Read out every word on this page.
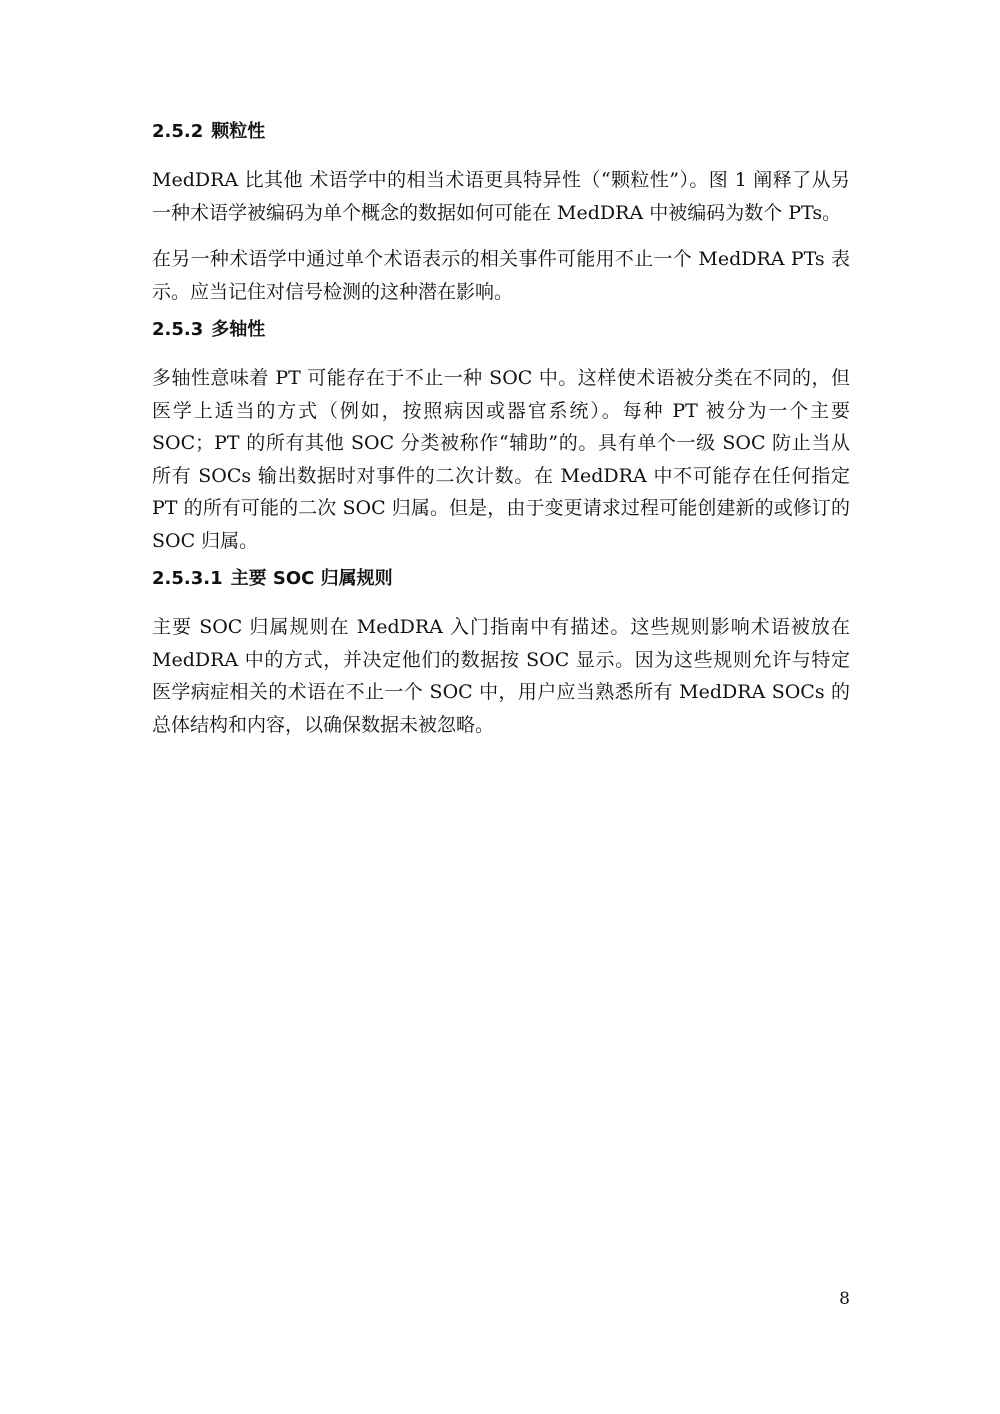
2.5.2 颗粒性

MedDRA 比其他 术语学中的相当术语更具特异性（“颗粒性”）。图 1 阐释了从另一种术语学被编码为单个概念的数据如何可能在 MedDRA 中被编码为数个 PTs。

在另一种术语学中通过单个术语表示的相关事件可能用不止一个 MedDRA PTs 表示。应当记住对信号检测的这种潜在影响。

2.5.3 多轴性

多轴性意味着 PT 可能存在于不止一种 SOC 中。这样使术语被分类在不同的，但医学上适当的方式（例如，按照病因或器官系统）。每种 PT 被分为一个主要 SOC；PT 的所有其他 SOC 分类被称作“辅助”的。具有单个一级 SOC 防止当从所有 SOCs 输出数据时对事件的二次计数。在 MedDRA 中不可能存在任何指定 PT 的所有可能的二次 SOC 归属。但是，由于变更请求过程可能创建新的或修订的 SOC 归属。

2.5.3.1 主要 SOC 归属规则

主要 SOC 归属规则在 MedDRA 入门指南中有描述。这些规则影响术语被放在 MedDRA 中的方式，并决定他们的数据按 SOC 显示。因为这些规则允许与特定医学病症相关的术语在不止一个 SOC 中，用户应当熟悉所有 MedDRA SOCs 的总体结构和内容，以确保数据未被忽略。

8
